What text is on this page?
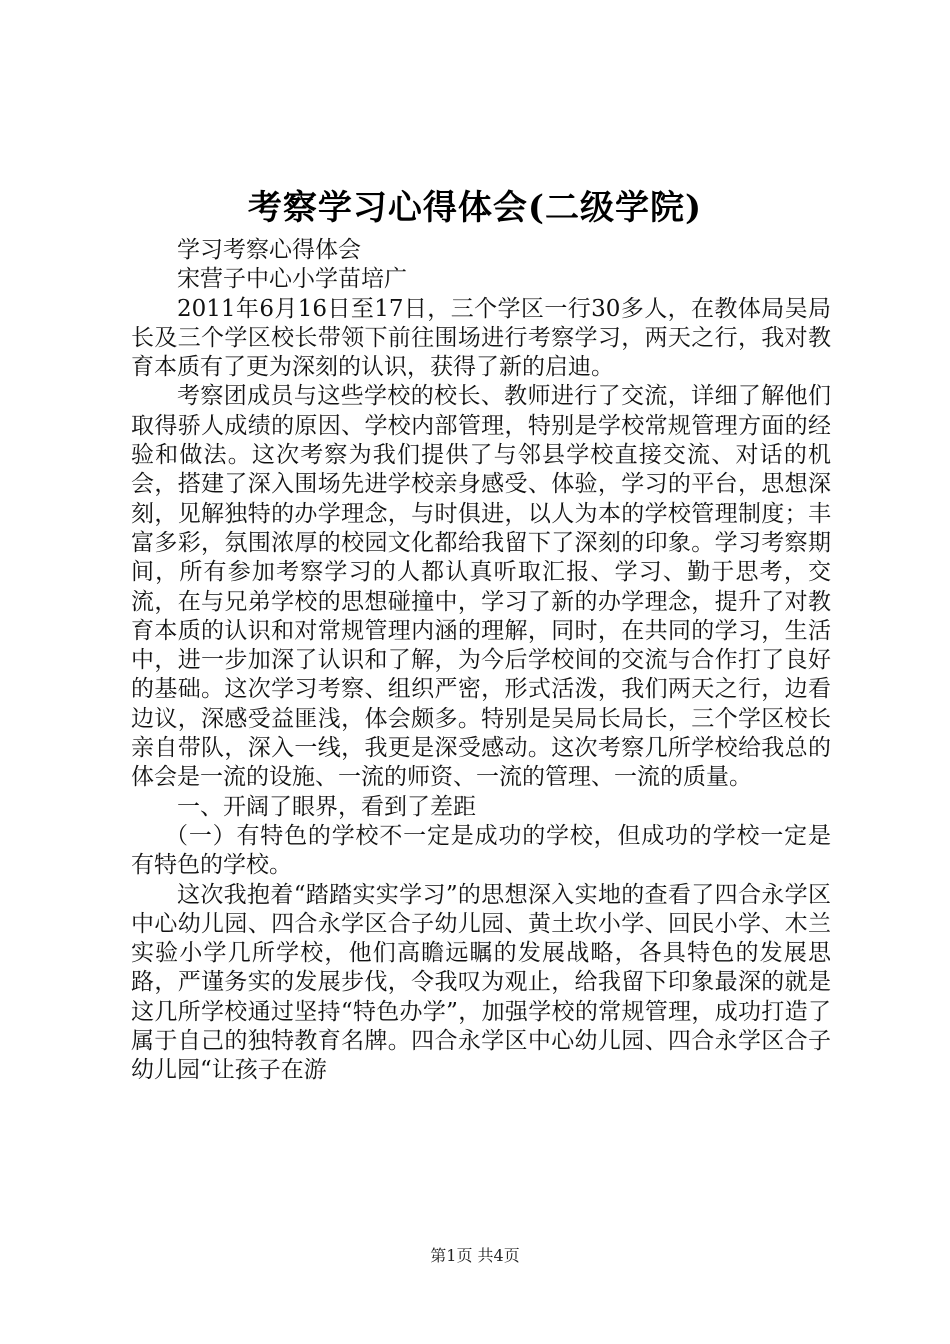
考察学习心得体会(二级学院)

学习考察心得体会

宋营子中心小学苗培广

2011年6月16日至17日，三个学区一行30多人，在教体局吴局长及三个学区校长带领下前往围场进行考察学习，两天之行，我对教育本质有了更为深刻的认识，获得了新的启迪。

考察团成员与这些学校的校长、教师进行了交流，详细了解他们取得骄人成绩的原因、学校内部管理，特别是学校常规管理方面的经验和做法。这次考察为我们提供了与邻县学校直接交流、对话的机会，搭建了深入围场先进学校亲身感受、体验，学习的平台，思想深刻，见解独特的办学理念，与时俱进，以人为本的学校管理制度；丰富多彩，氛围浓厚的校园文化都给我留下了深刻的印象。学习考察期间，所有参加考察学习的人都认真听取汇报、学习、勤于思考，交流，在与兄弟学校的思想碰撞中，学习了新的办学理念，提升了对教育本质的认识和对常规管理内涵的理解，同时，在共同的学习，生活中，进一步加深了认识和了解，为今后学校间的交流与合作打了良好的基础。这次学习考察、组织严密，形式活泼，我们两天之行，边看边议，深感受益匪浅，体会颇多。特别是吴局长局长，三个学区校长亲自带队，深入一线，我更是深受感动。这次考察几所学校给我总的体会是一流的设施、一流的师资、一流的管理、一流的质量。

一、开阔了眼界，看到了差距

（一）有特色的学校不一定是成功的学校，但成功的学校一定是有特色的学校。

这次我抱着“踏踏实实学习”的思想深入实地的查看了四合永学区中心幼儿园、四合永学区合子幼儿园、黄土坎小学、回民小学、木兰实验小学几所学校，他们高瞻远瞩的发展战略，各具特色的发展思路，严谨务实的发展步伐，令我叹为观止，给我留下印象最深的就是这几所学校通过坚持“特色办学”，加强学校的常规管理，成功打造了属于自己的独特教育名牌。四合永学区中心幼儿园、四合永学区合子幼儿园“让孩子在游

第1页 共4页
